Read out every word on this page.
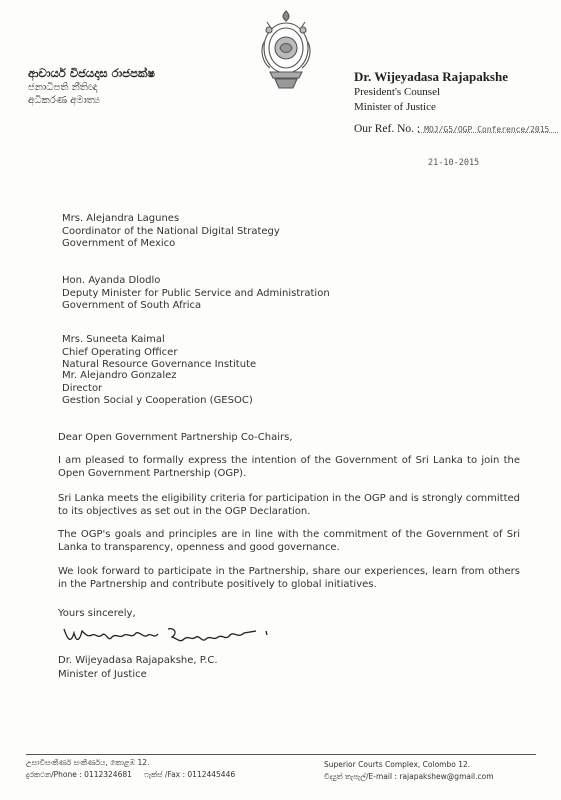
ආචාර්ය විජයදාස රාජපක්ෂ

ජනාධිපති නීතිඥ

අධිකරණ අමාත්‍ය

Dr. Wijeyadasa Rajapakshe

President's Counsel

Minister of Justice

Our Ref. No. : MOJ/G5/OGP Conference/2015
21-10-2015

Mrs. Alejandra Lagunes

Coordinator of the National Digital Strategy

Government of Mexico

Hon. Ayanda Dlodlo

Deputy Minister for Public Service and Administration

Government of South Africa

Mrs. Suneeta Kaimal

Chief Operating Officer

Natural Resource Governance Institute

Mr. Alejandro Gonzalez

Director

Gestion Social y Cooperation (GESOC)

Dear Open Government Partnership Co-Chairs,

I am pleased to formally express the intention of the Government of Sri Lanka to join the Open Government Partnership (OGP).

Sri Lanka meets the eligibility criteria for participation in the OGP and is strongly committed to its objectives as set out in the OGP Declaration.

The OGP's goals and principles are in line with the commitment of the Government of Sri Lanka to transparency, openness and good governance.

We look forward to participate in the Partnership, share our experiences, learn from others in the Partnership and contribute positively to global initiatives.

Yours sincerely,

Dr. Wijeyadasa Rajapakshe, P.C.

Minister of Justice

උසාවිසංකීර්ණ සංකීර්ණය, කොළඹ 12.

දුරකථන/Phone : 0112324681 ෆැක්ස් /Fax : 0112445446

Superior Courts Complex, Colombo 12.

විද්‍යුත් තැපැල්/E-mail : rajapakshew@gmail.com
